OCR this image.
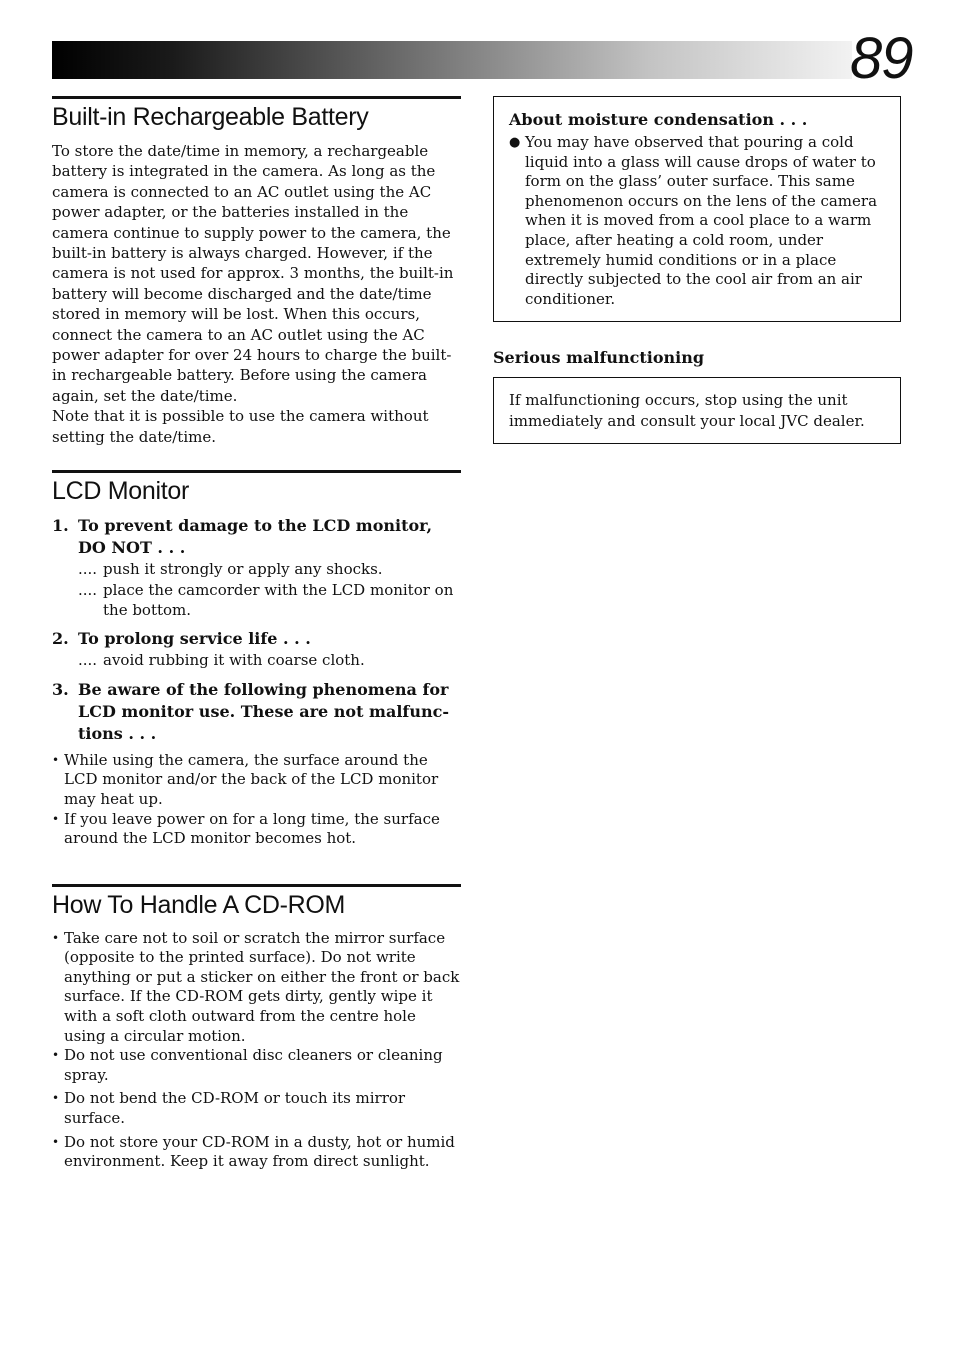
89
Built-in Rechargeable Battery

To store the date/time in memory, a rechargeable battery is integrated in the camera. As long as the camera is connected to an AC outlet using the AC power adapter, or the batteries installed in the camera continue to supply power to the camera, the built-in battery is always charged. However, if the camera is not used for approx. 3 months, the built-in battery will become discharged and the date/time stored in memory will be lost. When this occurs, connect the camera to an AC outlet using the AC power adapter for over 24 hours to charge the built-in rechargeable battery. Before using the camera again, set the date/time.

Note that it is possible to use the camera without setting the date/time.

LCD Monitor
1. To prevent damage to the LCD monitor, DO NOT . . .
.... push it strongly or apply any shocks.
.... place the camcorder with the LCD monitor on the bottom.
2. To prolong service life . . .
.... avoid rubbing it with coarse cloth.
3. Be aware of the following phenomena for LCD monitor use. These are not malfunc-tions . . .
• While using the camera, the surface around the LCD monitor and/or the back of the LCD monitor may heat up.
• If you leave power on for a long time, the surface around the LCD monitor becomes hot.
How To Handle A CD-ROM
• Take care not to soil or scratch the mirror surface (opposite to the printed surface). Do not write anything or put a sticker on either the front or back surface. If the CD-ROM gets dirty, gently wipe it with a soft cloth outward from the centre hole using a circular motion.
• Do not use conventional disc cleaners or cleaning spray.
• Do not bend the CD-ROM or touch its mirror surface.
• Do not store your CD-ROM in a dusty, hot or humid environment. Keep it away from direct sunlight.
About moisture condensation . . .
● You may have observed that pouring a cold liquid into a glass will cause drops of water to form on the glass’ outer surface. This same phenomenon occurs on the lens of the camera when it is moved from a cool place to a warm place, after heating a cold room, under extremely humid conditions or in a place directly subjected to the cool air from an air conditioner.
Serious malfunctioning

If malfunctioning occurs, stop using the unit immediately and consult your local JVC dealer.
